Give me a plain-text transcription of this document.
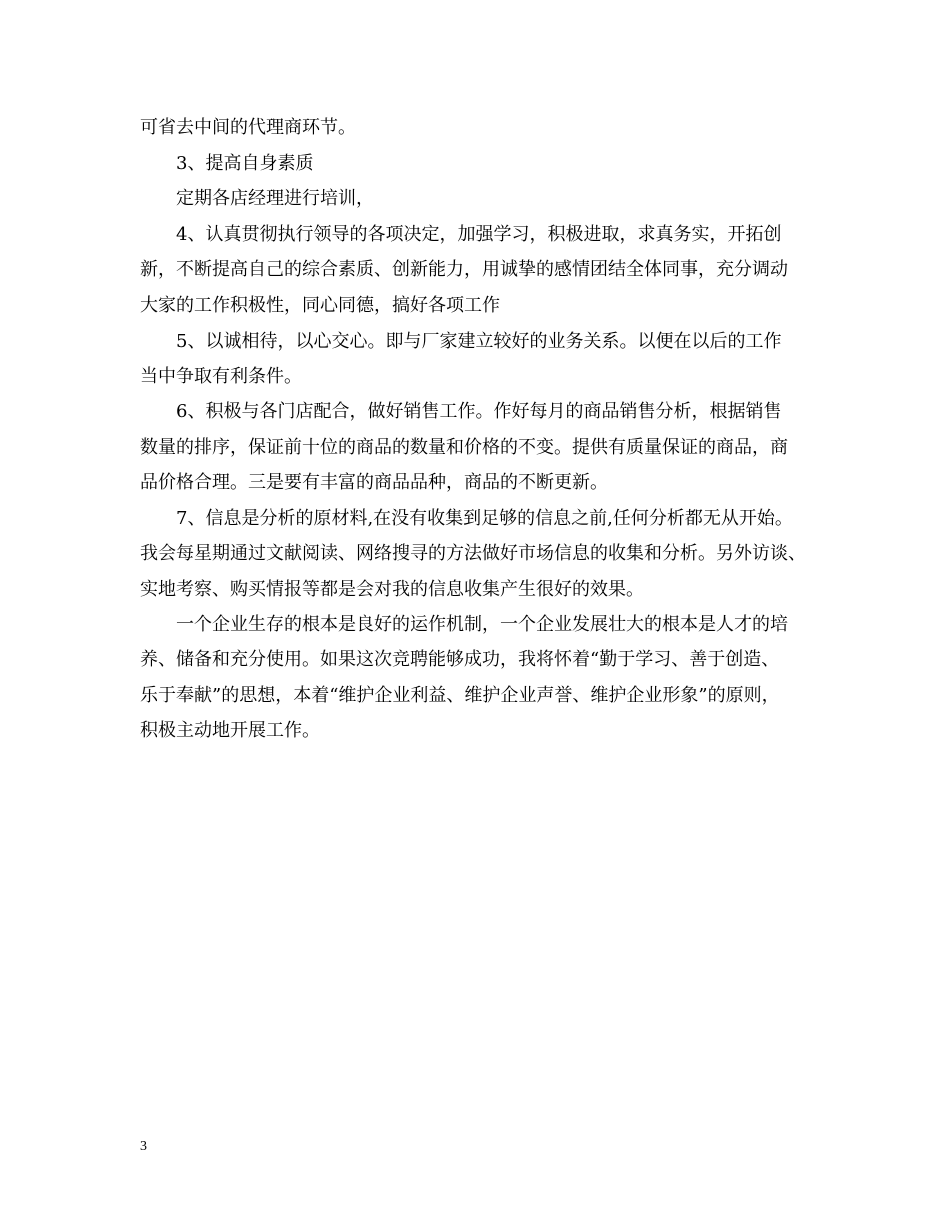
可省去中间的代理商环节。
3、提高自身素质
定期各店经理进行培训，
4、认真贯彻执行领导的各项决定，加强学习，积极进取，求真务实，开拓创
新，不断提高自己的综合素质、创新能力，用诚挚的感情团结全体同事，充分调动
大家的工作积极性，同心同德，搞好各项工作
5、以诚相待，以心交心。即与厂家建立较好的业务关系。以便在以后的工作
当中争取有利条件。
6、积极与各门店配合，做好销售工作。作好每月的商品销售分析，根据销售
数量的排序，保证前十位的商品的数量和价格的不变。提供有质量保证的商品，商
品价格合理。三是要有丰富的商品品种，商品的不断更新。
7、信息是分析的原材料,在没有收集到足够的信息之前,任何分析都无从开始。
我会每星期通过文献阅读、网络搜寻的方法做好市场信息的收集和分析。另外访谈、
实地考察、购买情报等都是会对我的信息收集产生很好的效果。
一个企业生存的根本是良好的运作机制，一个企业发展壮大的根本是人才的培
养、储备和充分使用。如果这次竞聘能够成功，我将怀着“勤于学习、善于创造、
乐于奉献”的思想，本着“维护企业利益、维护企业声誉、维护企业形象”的原则，
积极主动地开展工作。
3
